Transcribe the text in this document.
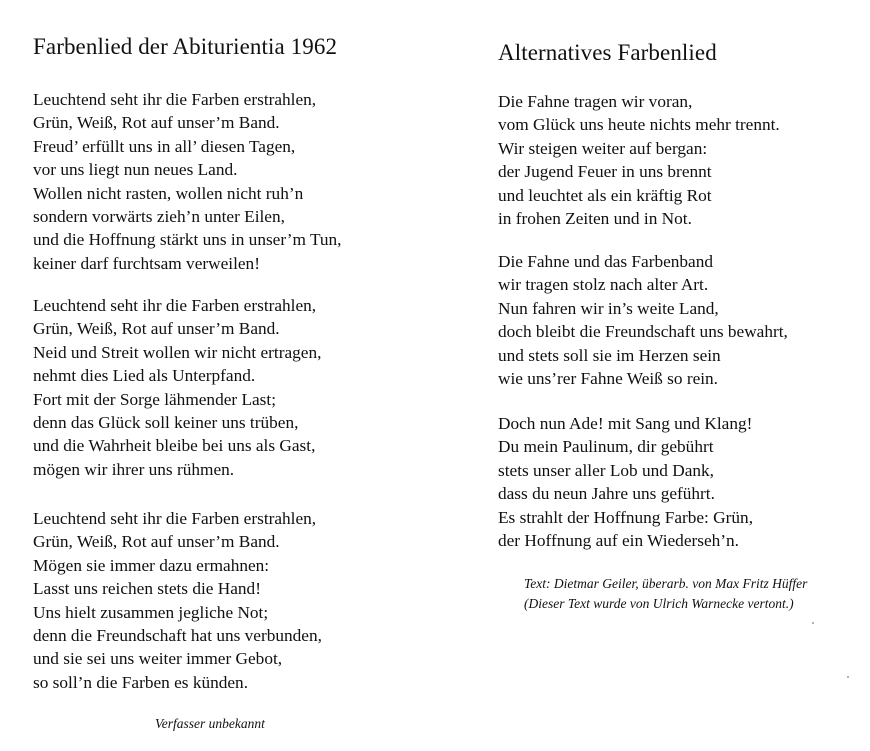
Farbenlied der Abiturientia 1962
Leuchtend seht ihr die Farben erstrahlen,
Grün, Weiß, Rot auf unser’m Band.
Freud’ erfüllt uns in all’ diesen Tagen,
vor uns liegt nun neues Land.
Wollen nicht rasten, wollen nicht ruh’n
sondern vorwärts zieh’n unter Eilen,
und die Hoffnung stärkt uns in unser’m Tun,
keiner darf furchtsam verweilen!
Leuchtend seht ihr die Farben erstrahlen,
Grün, Weiß, Rot auf unser’m Band.
Neid und Streit wollen wir nicht ertragen,
nehmt dies Lied als Unterpfand.
Fort mit der Sorge lähmender Last;
denn das Glück soll keiner uns trüben,
und die Wahrheit bleibe bei uns als Gast,
mögen wir ihrer uns rühmen.
Leuchtend seht ihr die Farben erstrahlen,
Grün, Weiß, Rot auf unser’m Band.
Mögen sie immer dazu ermahnen:
Lasst uns reichen stets die Hand!
Uns hielt zusammen jegliche Not;
denn die Freundschaft hat uns verbunden,
und sie sei uns weiter immer Gebot,
so soll’n die Farben es künden.
Verfasser unbekannt
Alternatives Farbenlied
Die Fahne tragen wir voran,
vom Glück uns heute nichts mehr trennt.
Wir steigen weiter auf bergan:
der Jugend Feuer in uns brennt
und leuchtet als ein kräftig Rot
in frohen Zeiten und in Not.
Die Fahne und das Farbenband
wir tragen stolz nach alter Art.
Nun fahren wir in’s weite Land,
doch bleibt die Freundschaft uns bewahrt,
und stets soll sie im Herzen sein
wie uns’rer Fahne Weiß so rein.
Doch nun Ade! mit Sang und Klang!
Du mein Paulinum, dir gebührt
stets unser aller Lob und Dank,
dass du neun Jahre uns geführt.
Es strahlt der Hoffnung Farbe: Grün,
der Hoffnung auf ein Wiederseh’n.
Text: Dietmar Geiler, überarb. von Max Fritz Hüffer
(Dieser Text wurde von Ulrich Warnecke vertont.)
